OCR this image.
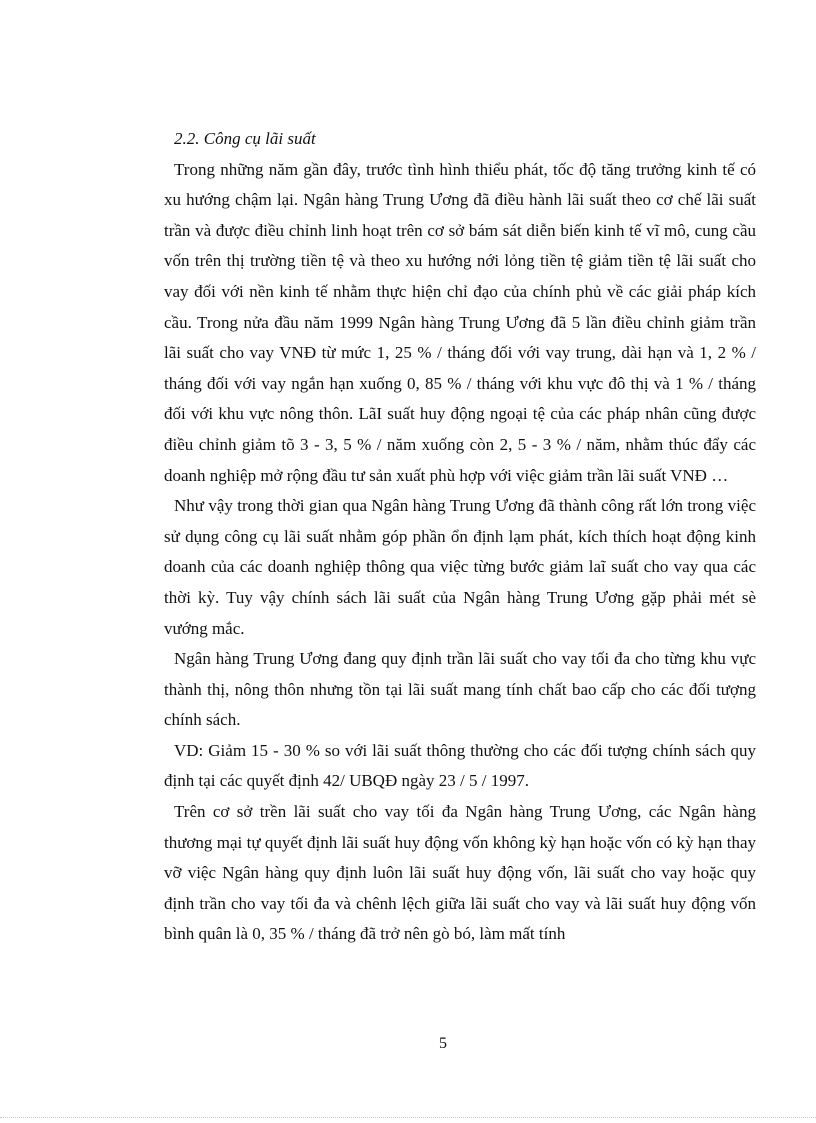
2.2. Công cụ lãi suất

Trong những năm gần đây, trước tình hình thiểu phát, tốc độ tăng trưởng kinh tế có xu hướng chậm lại. Ngân hàng Trung Ương đã điều hành lãi suất theo cơ chế lãi suất trần và được điều chỉnh linh hoạt trên cơ sở bám sát diễn biến kinh tế vĩ mô, cung cầu vốn trên thị trường tiền tệ và theo xu hướng nới lỏng tiền tệ giảm tiền tệ lãi suất cho vay đối với nền kinh tế nhằm thực hiện chỉ đạo của chính phủ về các giải pháp kích cầu. Trong nửa đầu năm 1999 Ngân hàng Trung Ương đã 5 lần điều chỉnh giảm trần lãi suất cho vay VNĐ từ mức 1, 25 % / tháng đối với vay trung, dài hạn và 1, 2 % / tháng đối với vay ngắn hạn xuống 0, 85 % / tháng với khu vực đô thị và 1 % / tháng đối với khu vực nông thôn. LãI suất huy động ngoại tệ của các pháp nhân cũng được điều chỉnh giảm tõ 3 - 3, 5 % / năm xuống còn 2, 5 - 3 % / năm, nhằm thúc đẩy các doanh nghiệp mở rộng đầu tư sản xuất phù hợp với việc giảm trần lãi suất VNĐ …

Như vậy trong thời gian qua Ngân hàng Trung Ương đã thành công rất lớn trong việc sử dụng công cụ lãi suất nhằm góp phần ổn định lạm phát, kích thích hoạt động kinh doanh của các doanh nghiệp thông qua việc từng bước giảm laĩ suất cho vay qua các thời kỳ. Tuy vậy chính sách lãi suất của Ngân hàng Trung Ương gặp phải mét sè vướng mắc.

Ngân hàng Trung Ương đang quy định trần lãi suất cho vay tối đa cho từng khu vực thành thị, nông thôn nhưng tồn tại lãi suất mang tính chất bao cấp cho các đối tượng chính sách.

VD: Giảm 15 - 30 % so với lãi suất thông thường cho các đối tượng chính sách quy định tại các quyết định 42/ UBQĐ ngày 23 / 5 / 1997.

Trên cơ sở trền lãi suất cho vay tối đa Ngân hàng Trung Ương, các Ngân hàng thương mại tự quyết định lãi suất huy động vốn không kỳ hạn hoặc vốn có kỳ hạn thay vỡ việc Ngân hàng quy định luôn lãi suất huy động vốn, lãi suất cho vay hoặc quy định trần cho vay tối đa và chênh lệch giữa lãi suất cho vay và lãi suất huy động vốn bình quân là 0, 35 % / tháng đã trở nên gò bó, làm mất tính

5
